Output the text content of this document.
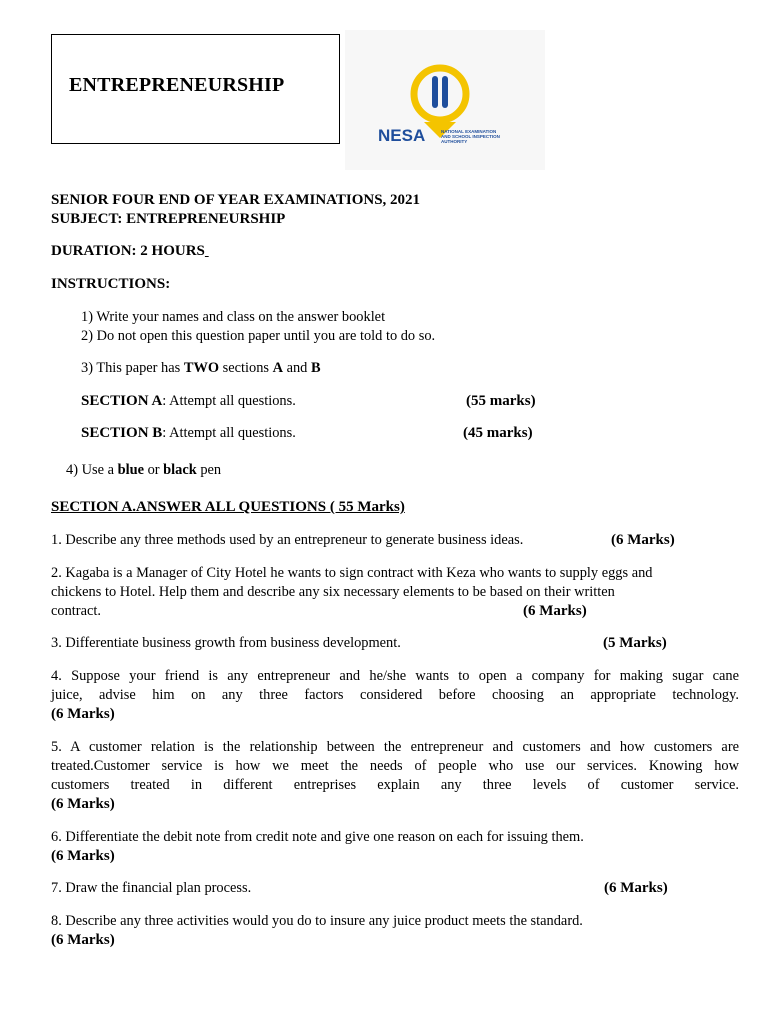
ENTREPRENEURSHIP
NESA	NATIONAL EXAMINATION
AND SCHOOL INSPECTION
AUTHORITY
SENIOR FOUR END OF YEAR EXAMINATIONS, 2021
SUBJECT: ENTREPRENEURSHIP
DURATION: 2 HOURS
INSTRUCTIONS:
1) Write your names and class on the answer booklet
2) Do not open this question paper until you are told to do so.
3) This paper has TWO sections A and B
SECTION A: Attempt all questions.	(55 marks)
SECTION B: Attempt all questions.	(45 marks)
4) Use a blue or black pen
SECTION A.ANSWER ALL QUESTIONS ( 55 Marks)
1. Describe any three methods used by an entrepreneur to generate business ideas.	(6 Marks)
2. Kagaba is a Manager of City Hotel he wants to sign contract with Keza who wants to supply eggs and
chickens to Hotel. Help them and describe any six necessary elements to be based on their written
contract.	(6 Marks)
3. Differentiate business growth from business development.	(5 Marks)
4. Suppose your friend is any entrepreneur and he/she wants to open a company for making sugar cane
juice, advise him on any three factors considered before choosing an appropriate technology.
(6 Marks)
5. A customer relation is the relationship between the entrepreneur and customers and how customers are
treated.Customer service is how we meet the needs of people who use our services. Knowing how
customers treated in different entreprises explain any three levels of customer service.
(6 Marks)
6. Differentiate the debit note from credit note and give one reason on each for issuing them.
(6 Marks)
7. Draw the financial plan process.	(6 Marks)
8. Describe any three activities would you do to insure any juice product meets the standard.
(6 Marks)
